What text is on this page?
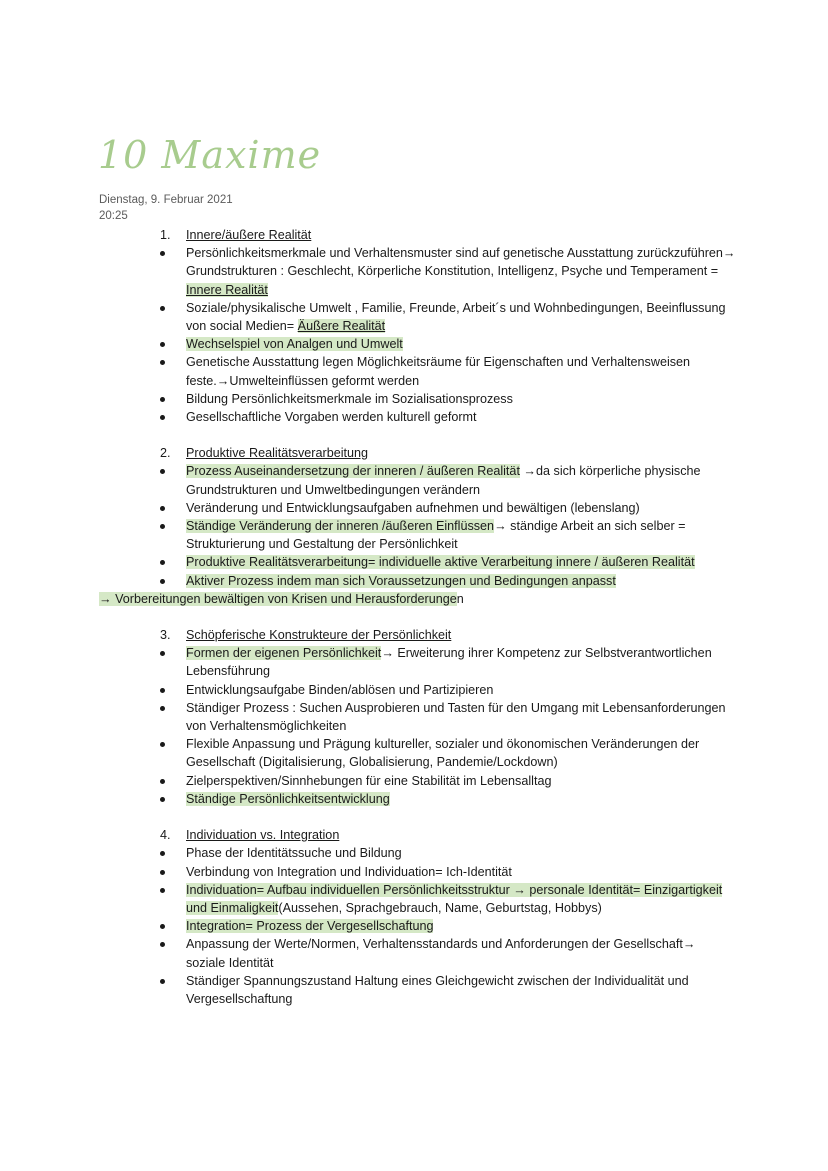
10 Maxime
Dienstag, 9. Februar 2021
20:25
1. Innere/äußere Realität
Persönlichkeitsmerkmale und Verhaltensmuster sind auf genetische Ausstattung zurückzuführen→ Grundstrukturen : Geschlecht, Körperliche Konstitution, Intelligenz, Psyche und Temperament = Innere Realität
Soziale/physikalische Umwelt , Familie, Freunde, Arbeit´s und Wohnbedingungen, Beeinflussung von social Medien= Äußere Realität
Wechselspiel von Analgen und Umwelt
Genetische Ausstattung legen Möglichkeitsräume für Eigenschaften und Verhaltensweisen feste.→Umwelteinflüssen geformt werden
Bildung Persönlichkeitsmerkmale im Sozialisationsprozess
Gesellschaftliche Vorgaben werden kulturell geformt
2. Produktive Realitätsverarbeitung
Prozess Auseinandersetzung der inneren / äußeren Realität →da sich körperliche physische Grundstrukturen und Umweltbedingungen verändern
Veränderung und Entwicklungsaufgaben aufnehmen und bewältigen (lebenslang)
Ständige Veränderung der inneren /äußeren Einflüssen→ ständige Arbeit an sich selber = Strukturierung und Gestaltung der Persönlichkeit
Produktive Realitätsverarbeitung= individuelle aktive Verarbeitung innere / äußeren Realität
Aktiver Prozess indem man sich Voraussetzungen und Bedingungen anpasst
→ Vorbereitungen bewältigen von Krisen und Herausforderungen
3. Schöpferische Konstrukteure der Persönlichkeit
Formen der eigenen Persönlichkeit→ Erweiterung ihrer Kompetenz zur Selbstverantwortlichen Lebensführung
Entwicklungsaufgabe Binden/ablösen und Partizipieren
Ständiger Prozess : Suchen Ausprobieren und Tasten für den Umgang mit Lebensanforderungen von Verhaltensmöglichkeiten
Flexible Anpassung und Prägung kultureller, sozialer und ökonomischen Veränderungen der Gesellschaft (Digitalisierung, Globalisierung, Pandemie/Lockdown)
Zielperspektiven/Sinnhebungen für eine Stabilität im Lebensalltag
Ständige Persönlichkeitsentwicklung
4. Individuation vs. Integration
Phase der Identitätssuche und Bildung
Verbindung von Integration und Individuation= Ich-Identität
Individuation= Aufbau individuellen Persönlichkeitsstruktur → personale Identität= Einzigartigkeit und Einmaligkeit(Aussehen, Sprachgebrauch, Name, Geburtstag, Hobbys)
Integration= Prozess der Vergesellschaftung
Anpassung der Werte/Normen, Verhaltensstandards und Anforderungen der Gesellschaft→ soziale Identität
Ständiger Spannungszustand Haltung eines Gleichgewicht zwischen der Individualität und Vergesellschaftung
